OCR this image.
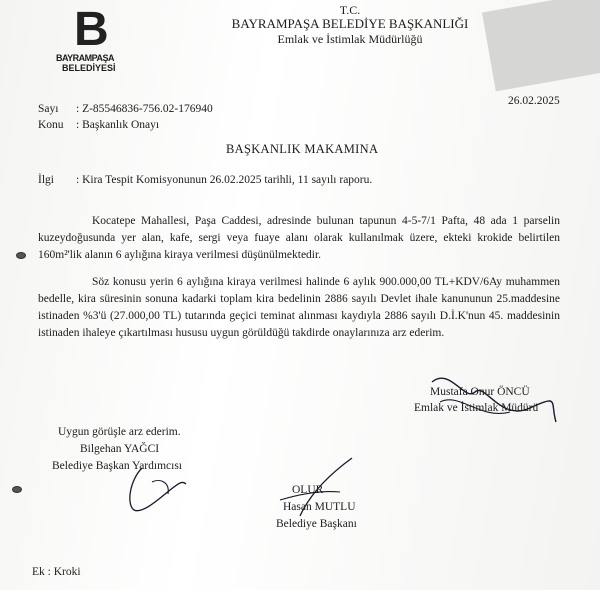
B
BAYRAMPAŞA
BELEDİYESİ
T.C.
BAYRAMPAŞA BELEDİYE BAŞKANLIĞI
Emlak ve İstimlak Müdürlüğü
Sayı : Z-85546836-756.02-176940
Konu : Başkanlık Onayı
26.02.2025
BAŞKANLIK MAKAMINA
İlgi : Kira Tespit Komisyonunun 26.02.2025 tarihli, 11 sayılı raporu.
Kocatepe Mahallesi, Paşa Caddesi, adresinde bulunan tapunun 4-5-7/1 Pafta, 48 ada 1 parselin kuzeydoğusunda yer alan, kafe, sergi veya fuaye alanı olarak kullanılmak üzere, ekteki krokide belirtilen 160m²'lik alanın 6 aylığına kiraya verilmesi düşünülmektedir.
Söz konusu yerin 6 aylığına kiraya verilmesi halinde 6 aylık 900.000,00 TL+KDV/6Ay muhammen bedelle, kira süresinin sonuna kadarki toplam kira bedelinin 2886 sayılı Devlet ihale kanununun 25.maddesine istinaden %3'ü (27.000,00 TL) tutarında geçici teminat alınması kaydıyla 2886 sayılı D.İ.K'nun 45. maddesinin istinaden ihaleye çıkartılması hususu uygun görüldüğü takdirde onaylarınıza arz ederim.
Mustafa Onur ÖNCÜ
Emlak ve İstimlak Müdürü
Uygun görüşle arz ederim.
Bilgehan YAĞCI
Belediye Başkan Yardımcısı
OLUR
Hasan MUTLU
Belediye Başkanı
Ek : Kroki
